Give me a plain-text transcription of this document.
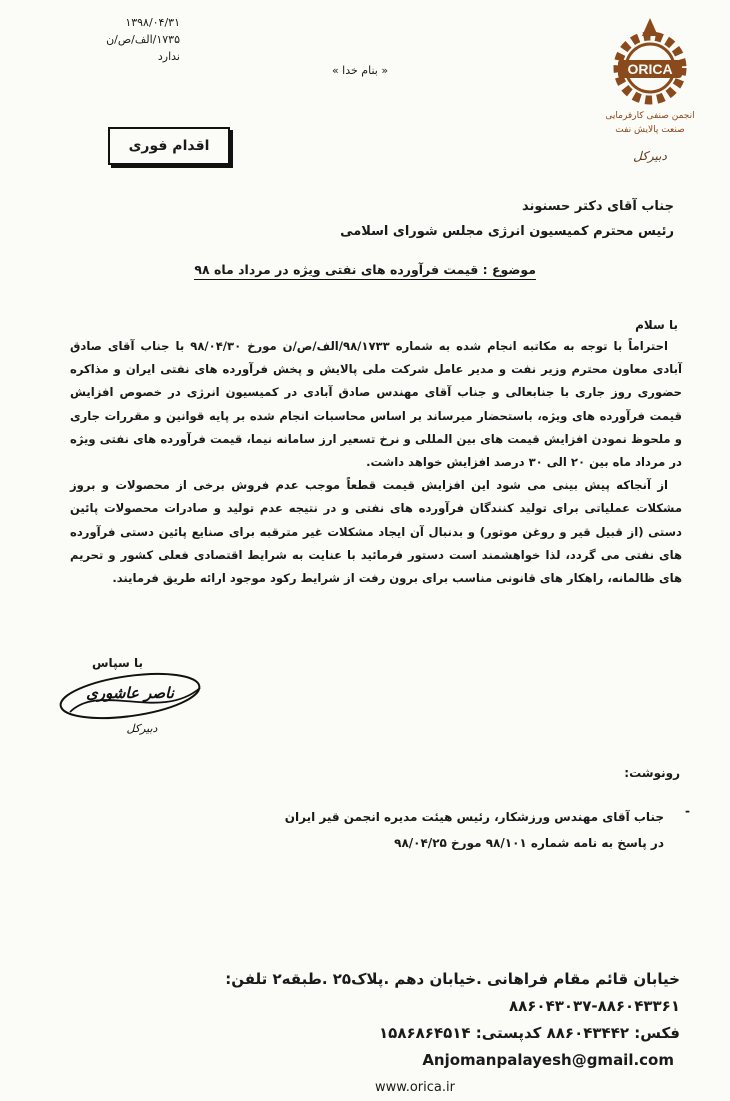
۱۳۹۸/۰۴/۳۱
۱۷۳۵/الف/ص/ن
ندارد
« بنام خدا »	ORICA
انجمن صنفی کارفرمایی
صنعت پالایش نفت
دبیرکل
اقدام فوری
جناب آقای دکتر حسنوند
رئیس محترم کمیسیون انرژی مجلس شورای اسلامی
موضوع : قیمت فرآورده های نفتی ویژه در مرداد ماه ۹۸
با سلام

احتراماً با توجه به مکاتبه انجام شده به شماره ۹۸/۱۷۳۳/الف/ص/ن مورخ ۹۸/۰۴/۳۰ با جناب آقای صادق آبادی معاون محترم وزیر نفت و مدیر عامل شرکت ملی پالایش و پخش فرآورده های نفتی ایران و مذاکره حضوری روز جاری با جنابعالی و جناب آقای مهندس صادق آبادی در کمیسیون انرژی در خصوص افزایش قیمت فرآورده های ویژه، باستحضار میرساند بر اساس محاسبات انجام شده بر پایه قوانین و مقررات جاری و ملحوظ نمودن افزایش قیمت های بین المللی و نرخ تسعیر ارز سامانه نیما، قیمت فرآورده های نفتی ویژه در مرداد ماه بین ۲۰ الی ۳۰ درصد افزایش خواهد داشت.

از آنجاکه پیش بینی می شود این افزایش قیمت قطعاً موجب عدم فروش برخی از محصولات و بروز مشکلات عملیاتی برای تولید کنندگان فرآورده های نفتی و در نتیجه عدم تولید و صادرات محصولات پائین دستی (از قبیل قیر و روغن موتور) و بدنبال آن ایجاد مشکلات غیر مترقبه برای صنایع پائین دستی فرآورده های نفتی می گردد، لذا خواهشمند است دستور فرمائید با عنایت به شرایط اقتصادی فعلی کشور و تحریم های ظالمانه، راهکار های قانونی مناسب برای برون رفت از شرایط رکود موجود ارائه طریق فرمایند.

با سپاس
ناصر عاشوری
دبیرکل
رونوشت:
-
جناب آقای مهندس ورزشکار، رئیس هیئت مدیره انجمن قیر ایران
در پاسخ به نامه شماره ۹۸/۱۰۱ مورخ ۹۸/۰۴/۲۵
خیابان قائم مقام فراهانی .خیابان دهم .پلاک۲۵ .طبقه۲ تلفن: ۸۸۶۰۴۳۳۶۱-۸۸۶۰۴۳۰۳۷
فکس: ۸۸۶۰۴۳۴۴۲ کدپستی: ۱۵۸۶۸۶۴۵۱۴ Anjomanpalayesh@gmail.com
www.orica.ir
